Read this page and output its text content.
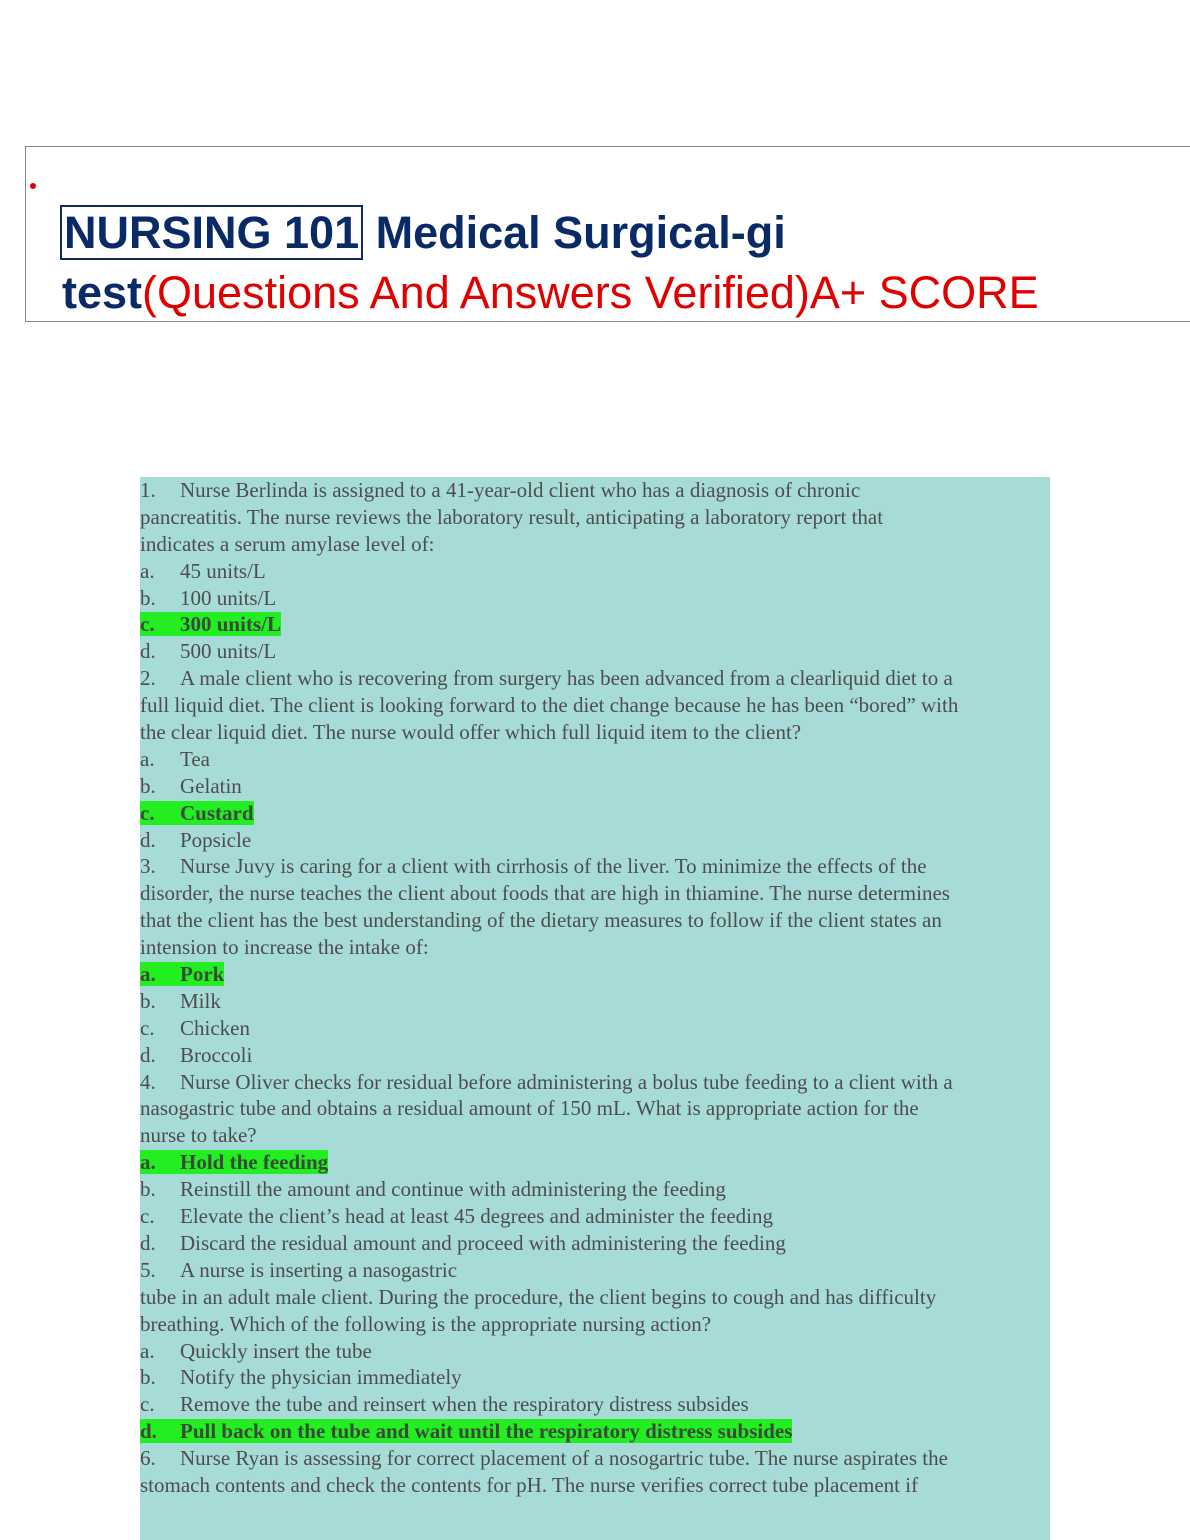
NURSING 101 Medical Surgical-gi
test(Questions And Answers Verified)A+ SCORE
1. Nurse Berlinda is assigned to a 41-year-old client who has a diagnosis of chronic
pancreatitis. The nurse reviews the laboratory result, anticipating a laboratory report that
indicates a serum amylase level of:
a. 45 units/L
b. 100 units/L
c. 300 units/L
d. 500 units/L
2. A male client who is recovering from surgery has been advanced from a clearliquid diet to a
full liquid diet. The client is looking forward to the diet change because he has been “bored” with
the clear liquid diet. The nurse would offer which full liquid item to the client?
a. Tea
b. Gelatin
c. Custard
d. Popsicle
3. Nurse Juvy is caring for a client with cirrhosis of the liver. To minimize the effects of the
disorder, the nurse teaches the client about foods that are high in thiamine. The nurse determines
that the client has the best understanding of the dietary measures to follow if the client states an
intension to increase the intake of:
a. Pork
b. Milk
c. Chicken
d. Broccoli
4. Nurse Oliver checks for residual before administering a bolus tube feeding to a client with a
nasogastric tube and obtains a residual amount of 150 mL. What is appropriate action for the
nurse to take?
a. Hold the feeding
b. Reinstill the amount and continue with administering the feeding
c. Elevate the client’s head at least 45 degrees and administer the feeding
d. Discard the residual amount and proceed with administering the feeding
5. A nurse is inserting a nasogastric
tube in an adult male client. During the procedure, the client begins to cough and has difficulty
breathing. Which of the following is the appropriate nursing action?
a. Quickly insert the tube
b. Notify the physician immediately
c. Remove the tube and reinsert when the respiratory distress subsides
d. Pull back on the tube and wait until the respiratory distress subsides
6. Nurse Ryan is assessing for correct placement of a nosogartric tube. The nurse aspirates the
stomach contents and check the contents for pH. The nurse verifies correct tube placement if
